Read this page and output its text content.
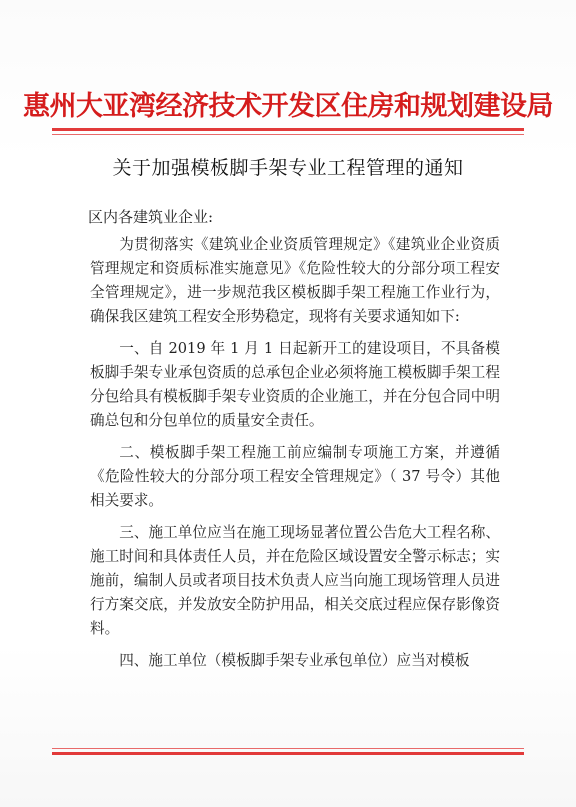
惠州大亚湾经济技术开发区住房和规划建设局
关于加强模板脚手架专业工程管理的通知
区内各建筑业企业:

为贯彻落实《建筑业企业资质管理规定》《建筑业企业资质管理规定和资质标准实施意见》《危险性较大的分部分项工程安全管理规定》，进一步规范我区模板脚手架工程施工作业行为，确保我区建筑工程安全形势稳定，现将有关要求通知如下:

一、自 2019 年 1 月 1 日起新开工的建设项目，不具备模板脚手架专业承包资质的总承包企业必须将施工模板脚手架工程分包给具有模板脚手架专业资质的企业施工，并在分包合同中明确总包和分包单位的质量安全责任。

二、模板脚手架工程施工前应编制专项施工方案，并遵循《危险性较大的分部分项工程安全管理规定》（ 37 号令）其他相关要求。

三、施工单位应当在施工现场显著位置公告危大工程名称、施工时间和具体责任人员，并在危险区域设置安全警示标志；实施前，编制人员或者项目技术负责人应当向施工现场管理人员进行方案交底，并发放安全防护用品，相关交底过程应保存影像资料。

四、施工单位（模板脚手架专业承包单位）应当对模板
